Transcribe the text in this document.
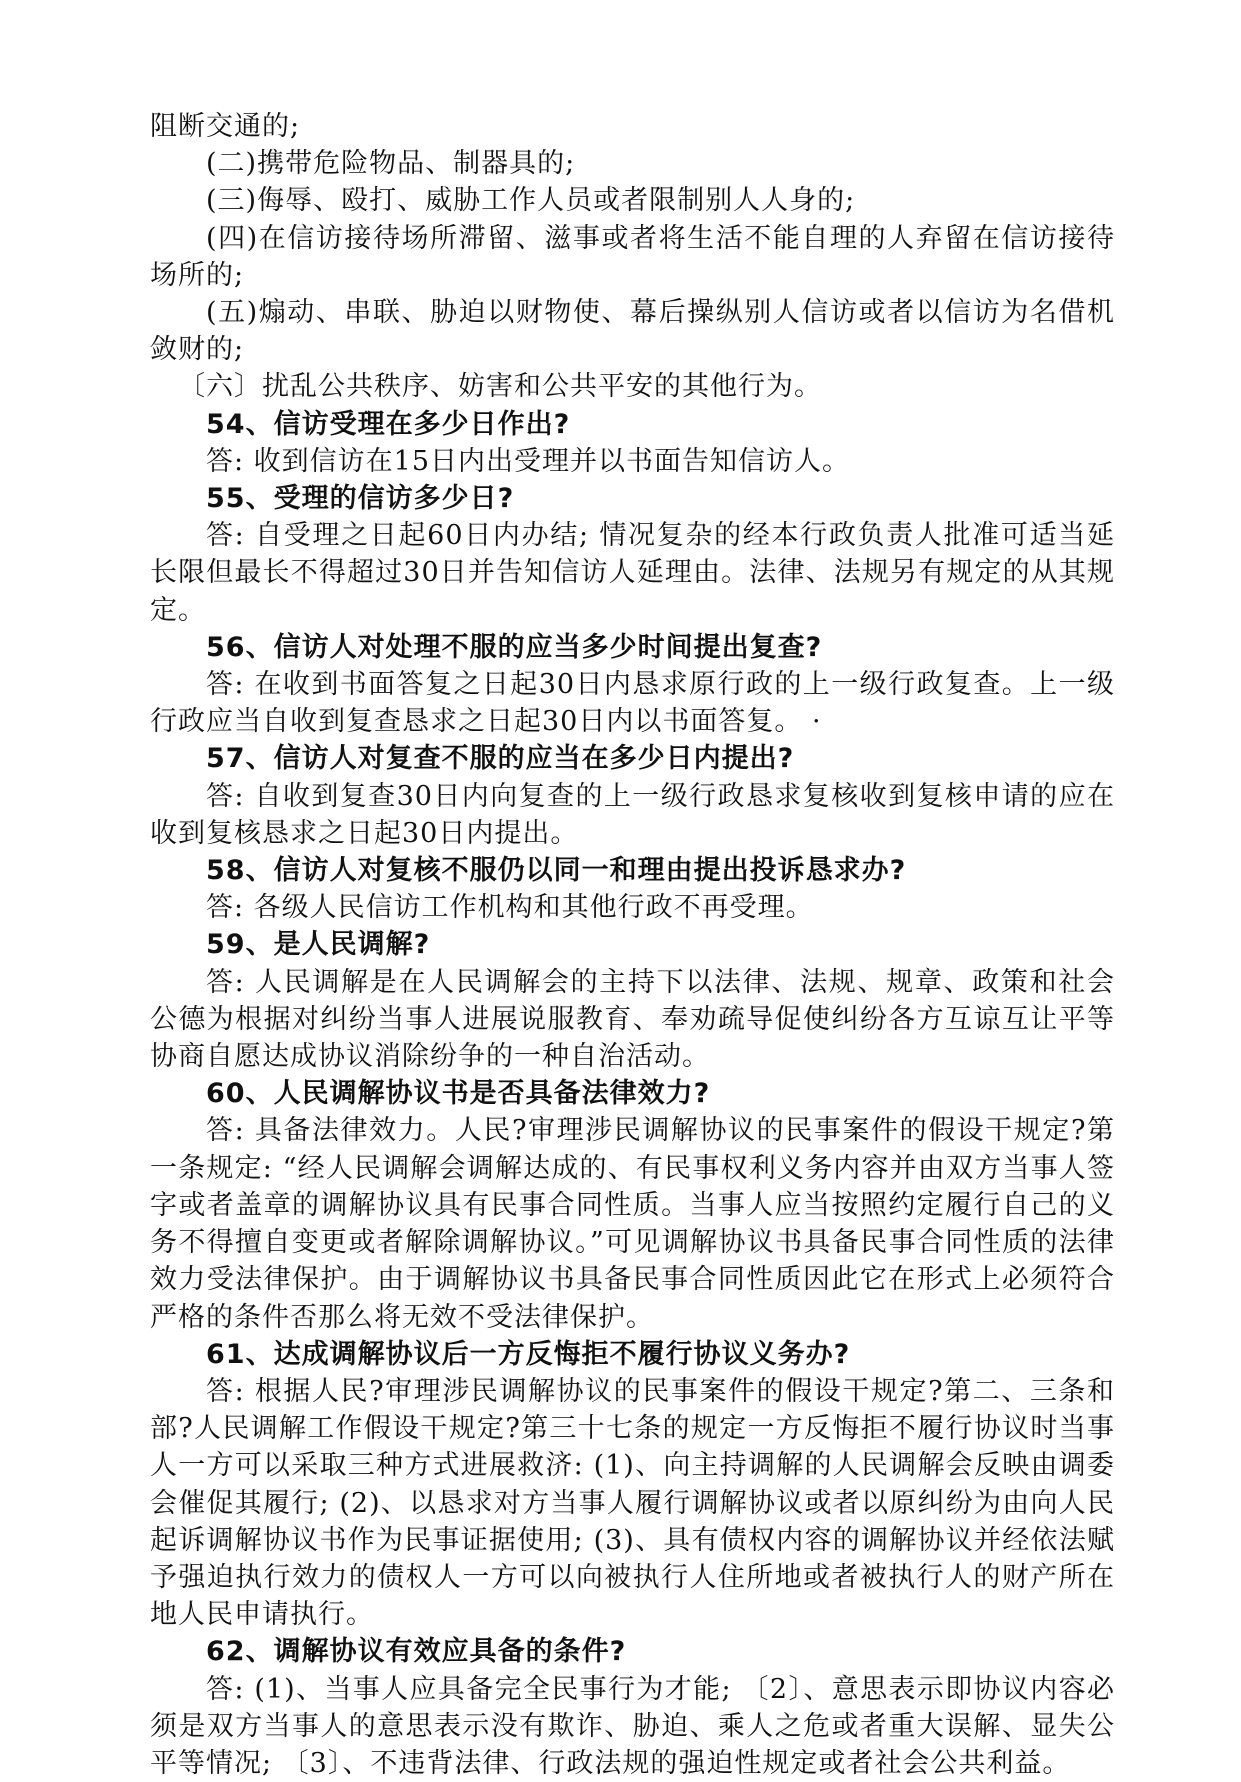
阻断交通的;

(二)携带危险物品、制器具的;

(三)侮辱、殴打、威胁工作人员或者限制别人人身的;

(四)在信访接待场所滞留、滋事或者将生活不能自理的人弃留在信访接待场所的;

(五)煽动、串联、胁迫以财物使、幕后操纵别人信访或者以信访为名借机敛财的;

〔六〕扰乱公共秩序、妨害和公共平安的其他行为。

54、信访受理在多少日作出?

答: 收到信访在15日内出受理并以书面告知信访人。

55、受理的信访多少日?

答: 自受理之日起60日内办结; 情况复杂的经本行政负责人批准可适当延长限但最长不得超过30日并告知信访人延理由。法律、法规另有规定的从其规定。

56、信访人对处理不服的应当多少时间提出复查?

答: 在收到书面答复之日起30日内恳求原行政的上一级行政复查。上一级行政应当自收到复查恳求之日起30日内以书面答复。 ·

57、信访人对复查不服的应当在多少日内提出?

答: 自收到复查30日内向复查的上一级行政恳求复核收到复核申请的应在收到复核恳求之日起30日内提出。

58、信访人对复核不服仍以同一和理由提出投诉恳求办?

答: 各级人民信访工作机构和其他行政不再受理。

59、是人民调解?

答: 人民调解是在人民调解会的主持下以法律、法规、规章、政策和社会公德为根据对纠纷当事人进展说服教育、奉劝疏导促使纠纷各方互谅互让平等协商自愿达成协议消除纷争的一种自治活动。

60、人民调解协议书是否具备法律效力?

答: 具备法律效力。人民?审理涉民调解协议的民事案件的假设干规定?第一条规定: “经人民调解会调解达成的、有民事权利义务内容并由双方当事人签字或者盖章的调解协议具有民事合同性质。当事人应当按照约定履行自己的义务不得擅自变更或者解除调解协议。”可见调解协议书具备民事合同性质的法律效力受法律保护。由于调解协议书具备民事合同性质因此它在形式上必须符合严格的条件否那么将无效不受法律保护。

61、达成调解协议后一方反悔拒不履行协议义务办?

答: 根据人民?审理涉民调解协议的民事案件的假设干规定?第二、三条和部?人民调解工作假设干规定?第三十七条的规定一方反悔拒不履行协议时当事人一方可以采取三种方式进展救济: (1)、向主持调解的人民调解会反映由调委会催促其履行; (2)、以恳求对方当事人履行调解协议或者以原纠纷为由向人民起诉调解协议书作为民事证据使用; (3)、具有债权内容的调解协议并经依法赋予强迫执行效力的债权人一方可以向被执行人住所地或者被执行人的财产所在地人民申请执行。

62、调解协议有效应具备的条件?

答: (1)、当事人应具备完全民事行为才能; 〔2〕、意思表示即协议内容必须是双方当事人的意思表示没有欺诈、胁迫、乘人之危或者重大误解、显失公平等情况; 〔3〕、不违背法律、行政法规的强迫性规定或者社会公共利益。
